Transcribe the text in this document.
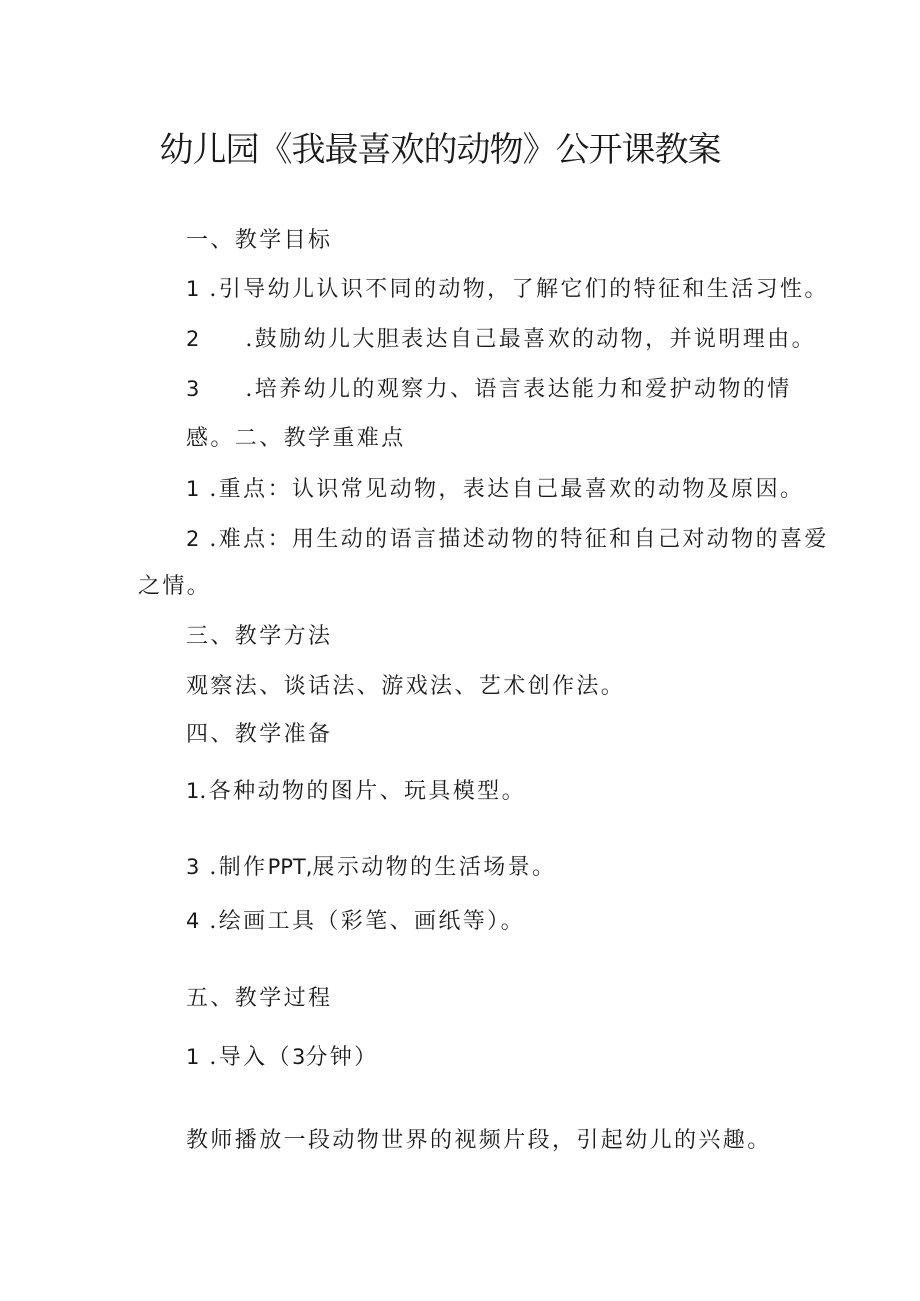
幼儿园《我最喜欢的动物》公开课教案
一、教学目标
1 .引导幼儿认识不同的动物，了解它们的特征和生活习性。
2 .鼓励幼儿大胆表达自己最喜欢的动物，并说明理由。
3 .培养幼儿的观察力、语言表达能力和爱护动物的情
感。二、教学重难点
1 .重点：认识常见动物，表达自己最喜欢的动物及原因。
2 .难点：用生动的语言描述动物的特征和自己对动物的喜爱
之情。
三、教学方法
观察法、谈话法、游戏法、艺术创作法。
四、教学准备
1.各种动物的图片、玩具模型。
3 .制作PPT,展示动物的生活场景。
4 .绘画工具（彩笔、画纸等）。
五、教学过程
1 .导入（3分钟）
教师播放一段动物世界的视频片段，引起幼儿的兴趣。
